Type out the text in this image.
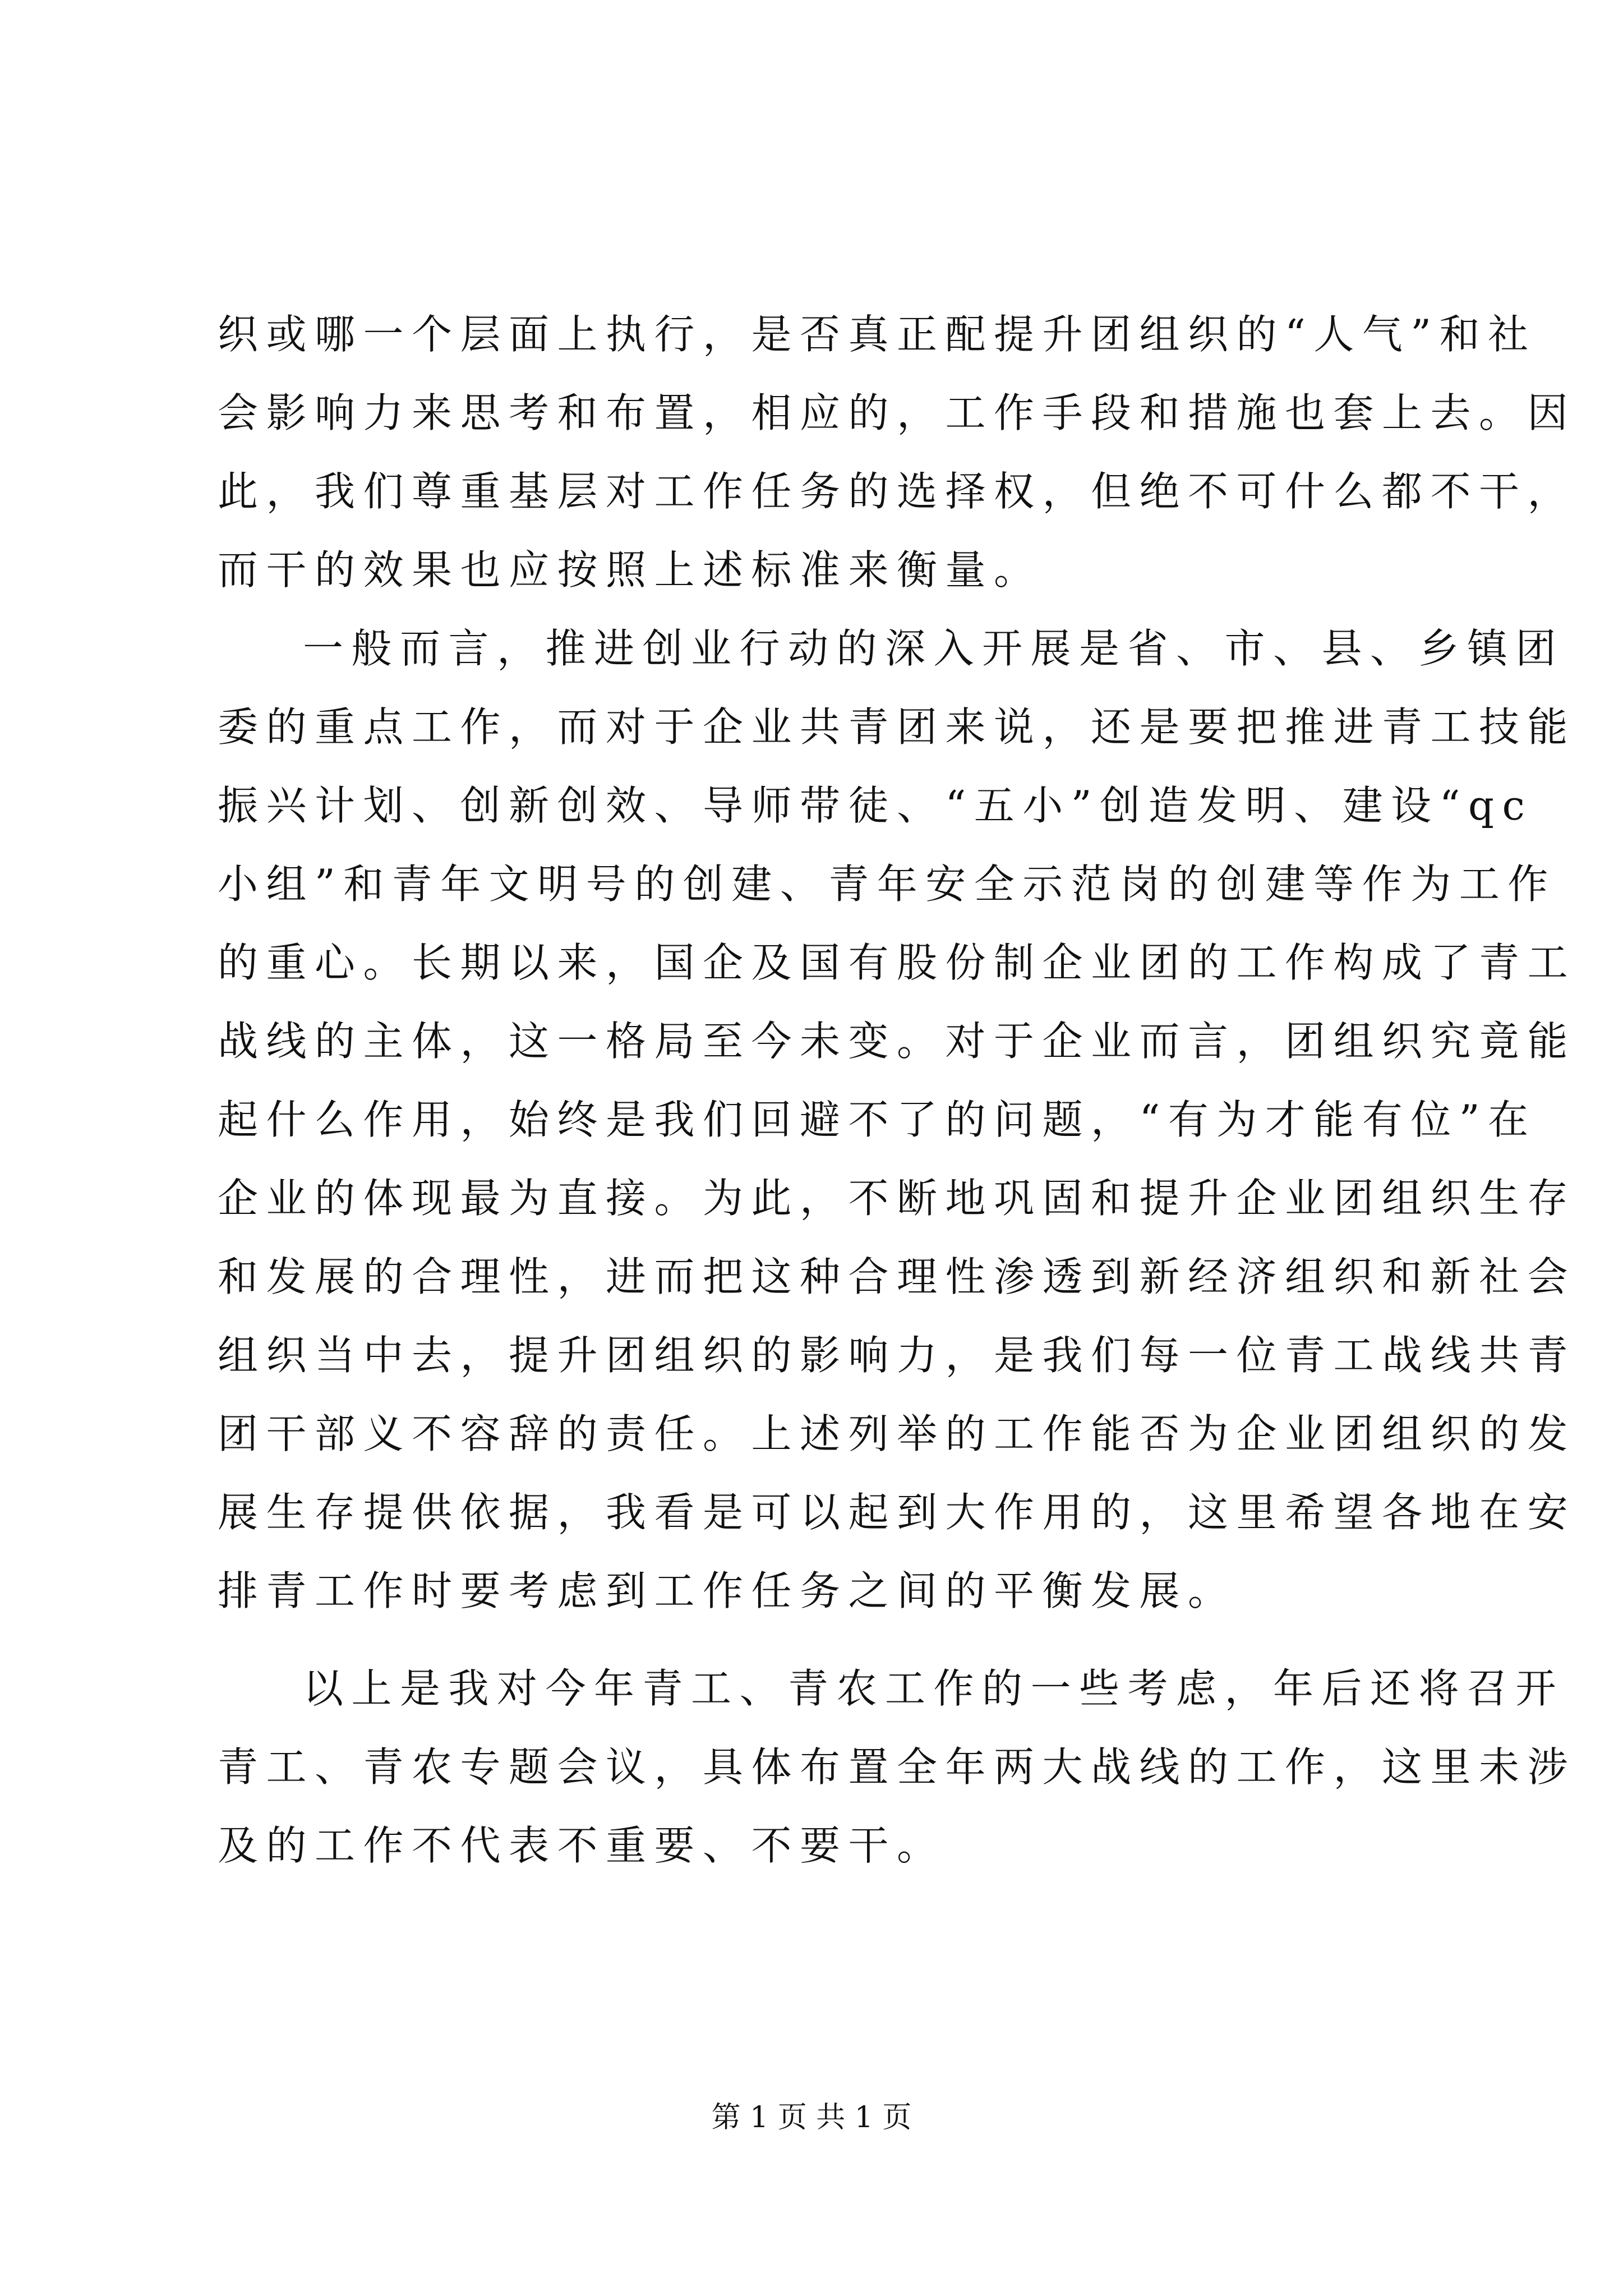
织或哪一个层面上执行，是否真正配提升团组织的“人气”和社
会影响力来思考和布置，相应的，工作手段和措施也套上去。因
此，我们尊重基层对工作任务的选择权，但绝不可什么都不干，
而干的效果也应按照上述标准来衡量。
一般而言，推进创业行动的深入开展是省、市、县、乡镇团
委的重点工作，而对于企业共青团来说，还是要把推进青工技能
振兴计划、创新创效、导师带徒、“五小”创造发明、建设“qc
小组”和青年文明号的创建、青年安全示范岗的创建等作为工作
的重心。长期以来，国企及国有股份制企业团的工作构成了青工
战线的主体，这一格局至今未变。对于企业而言，团组织究竟能
起什么作用，始终是我们回避不了的问题，“有为才能有位”在
企业的体现最为直接。为此，不断地巩固和提升企业团组织生存
和发展的合理性，进而把这种合理性渗透到新经济组织和新社会
组织当中去，提升团组织的影响力，是我们每一位青工战线共青
团干部义不容辞的责任。上述列举的工作能否为企业团组织的发
展生存提供依据，我看是可以起到大作用的，这里希望各地在安
排青工作时要考虑到工作任务之间的平衡发展。
以上是我对今年青工、青农工作的一些考虑，年后还将召开
青工、青农专题会议，具体布置全年两大战线的工作，这里未涉
及的工作不代表不重要、不要干。
第 1 页 共 1 页
